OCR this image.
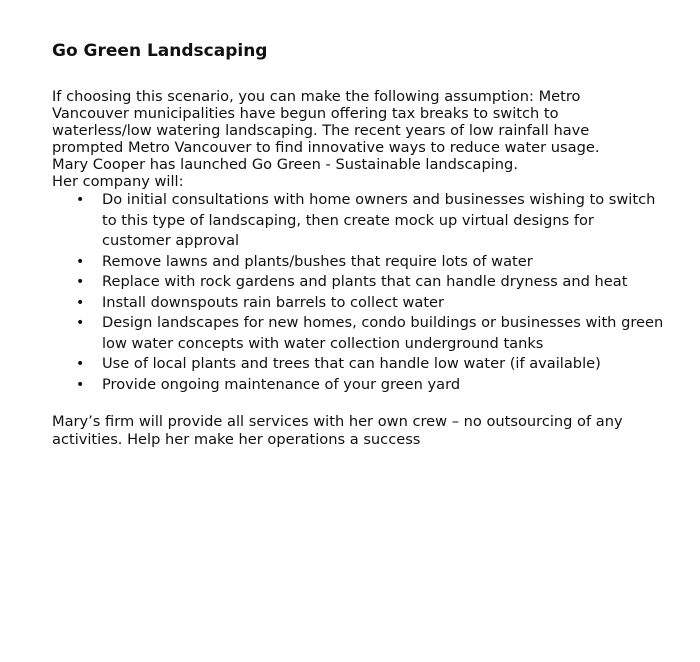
Go Green Landscaping

If choosing this scenario, you can make the following assumption: Metro
Vancouver municipalities have begun offering tax breaks to switch to
waterless/low watering landscaping. The recent years of low rainfall have
prompted Metro Vancouver to find innovative ways to reduce water usage.
Mary Cooper has launched Go Green - Sustainable landscaping.
Her company will:

• Do initial consultations with home owners and businesses wishing to switch to this type of landscaping, then create mock up virtual designs for customer approval
• Remove lawns and plants/bushes that require lots of water
• Replace with rock gardens and plants that can handle dryness and heat
• Install downspouts rain barrels to collect water
• Design landscapes for new homes, condo buildings or businesses with green low water concepts with water collection underground tanks
• Use of local plants and trees that can handle low water (if available)
• Provide ongoing maintenance of your green yard

Mary’s firm will provide all services with her own crew – no outsourcing of any
activities. Help her make her operations a success
